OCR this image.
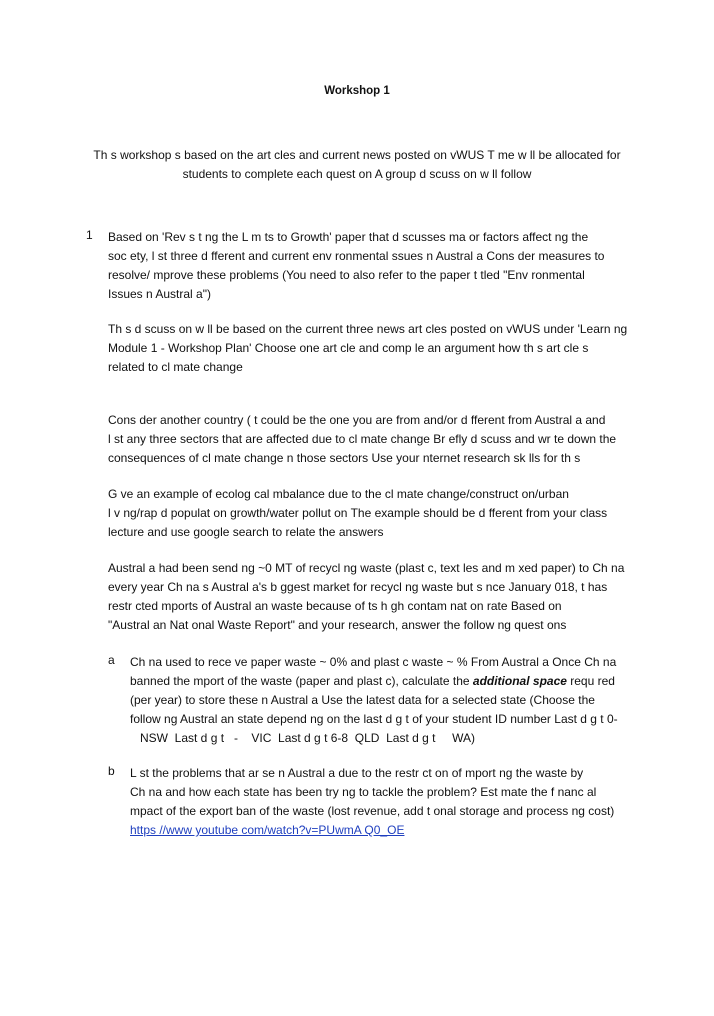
Workshop 1
Th s workshop s based on the art cles and current news posted on vWUS T me w ll be allocated for
students to complete each quest on A group d scuss on w ll follow
1 Based on 'Rev s t ng the L m ts to Growth' paper that d scusses ma or factors affect ng the
soc ety, l st three d fferent and current env ronmental ssues n Austral a Cons der measures to
resolve/ mprove these problems (You need to also refer to the paper t tled "Env ronmental
Issues n Austral a")
Th s d scuss on w ll be based on the current three news art cles posted on vWUS under 'Learn ng
Module 1 - Workshop Plan' Choose one art cle and comp le an argument how th s art cle s
related to cl mate change
Cons der another country ( t could be the one you are from and/or d fferent from Austral a and
l st any three sectors that are affected due to cl mate change Br efly d scuss and wr te down the
consequences of cl mate change n those sectors Use your nternet research sk lls for th s
G ve an example of ecolog cal mbalance due to the cl mate change/construct on/urban
l v ng/rap d populat on growth/water pollut on The example should be d fferent from your class
lecture and use google search to relate the answers
Austral a had been send ng ~0 MT of recycl ng waste (plast c, text les and m xed paper) to Ch na
every year Ch na s Austral a's b ggest market for recycl ng waste but s nce January 018, t has
restr cted mports of Austral an waste because of ts h gh contam nat on rate Based on
"Austral an Nat onal Waste Report" and your research, answer the follow ng quest ons
a Ch na used to rece ve paper waste ~ 0% and plast c waste ~ % From Austral a Once Ch na
banned the mport of the waste (paper and plast c), calculate the additional space requ red
(per year) to store these n Austral a Use the latest data for a selected state (Choose the
follow ng Austral an state depend ng on the last d g t of your student ID number Last d g t 0-
NSW  Last d g t   -    VIC  Last d g t 6-8  QLD  Last d g t     WA)
b L st the problems that ar se n Austral a due to the restr ct on of mport ng the waste by
Ch na and how each state has been try ng to tackle the problem? Est mate the f nanc al
mpact of the export ban of the waste (lost revenue, add t onal storage and process ng cost)
https //www youtube com/watch?v=PUwmA Q0_OE
